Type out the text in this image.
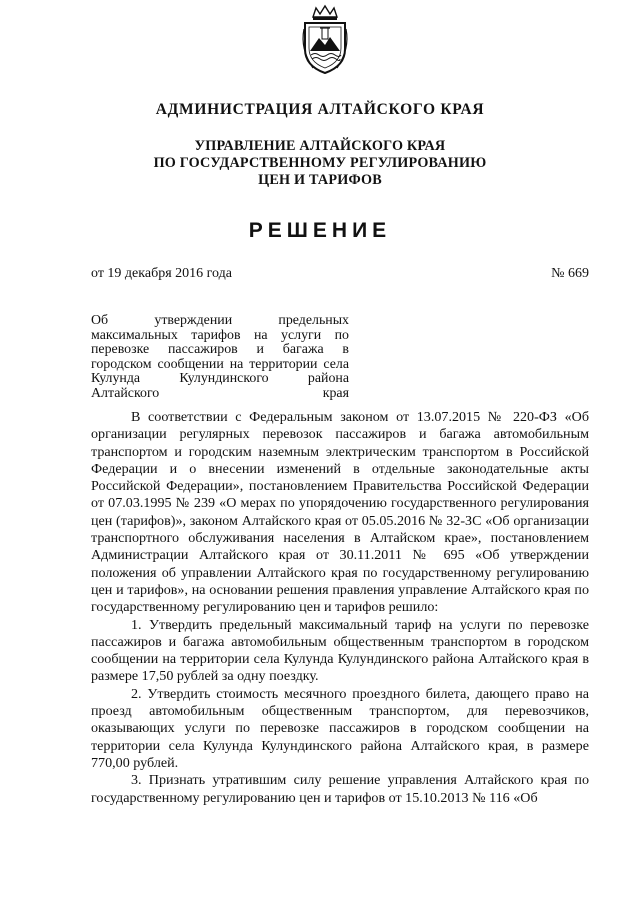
АДМИНИСТРАЦИЯ АЛТАЙСКОГО КРАЯ
УПРАВЛЕНИЕ АЛТАЙСКОГО КРАЯ
ПО ГОСУДАРСТВЕННОМУ РЕГУЛИРОВАНИЮ
ЦЕН И ТАРИФОВ
РЕШЕНИЕ
от 19 декабря 2016 года	№ 669
Об утверждении предельных максимальных тарифов на услуги по перевозке пассажиров и багажа в городском сообщении на территории села Кулунда Кулундинского района Алтайского края

В соответствии с Федеральным законом от 13.07.2015 № 220-ФЗ «Об организации регулярных перевозок пассажиров и багажа автомобильным транспортом и городским наземным электрическим транспортом в Российской Федерации и о внесении изменений в отдельные законодательные акты Российской Федерации», постановлением Правительства Российской Федерации от 07.03.1995 № 239 «О мерах по упорядочению государственного регулирования цен (тарифов)», законом Алтайского края от 05.05.2016 № 32-ЗС «Об организации транспортного обслуживания населения в Алтайском крае», постановлением Администрации Алтайского края от 30.11.2011 № 695 «Об утверждении положения об управлении Алтайского края по государственному регулированию цен и тарифов», на основании решения правления управление Алтайского края по государственному регулированию цен и тарифов решило:

1. Утвердить предельный максимальный тариф на услуги по перевозке пассажиров и багажа автомобильным общественным транспортом в городском сообщении на территории села Кулунда Кулундинского района Алтайского края в размере 17,50 рублей за одну поездку.

2. Утвердить стоимость месячного проездного билета, дающего право на проезд автомобильным общественным транспортом, для перевозчиков, оказывающих услуги по перевозке пассажиров в городском сообщении на территории села Кулунда Кулундинского района Алтайского края, в размере 770,00 рублей.

3. Признать утратившим силу решение управления Алтайского края по государственному регулированию цен и тарифов от 15.10.2013 № 116 «Об
